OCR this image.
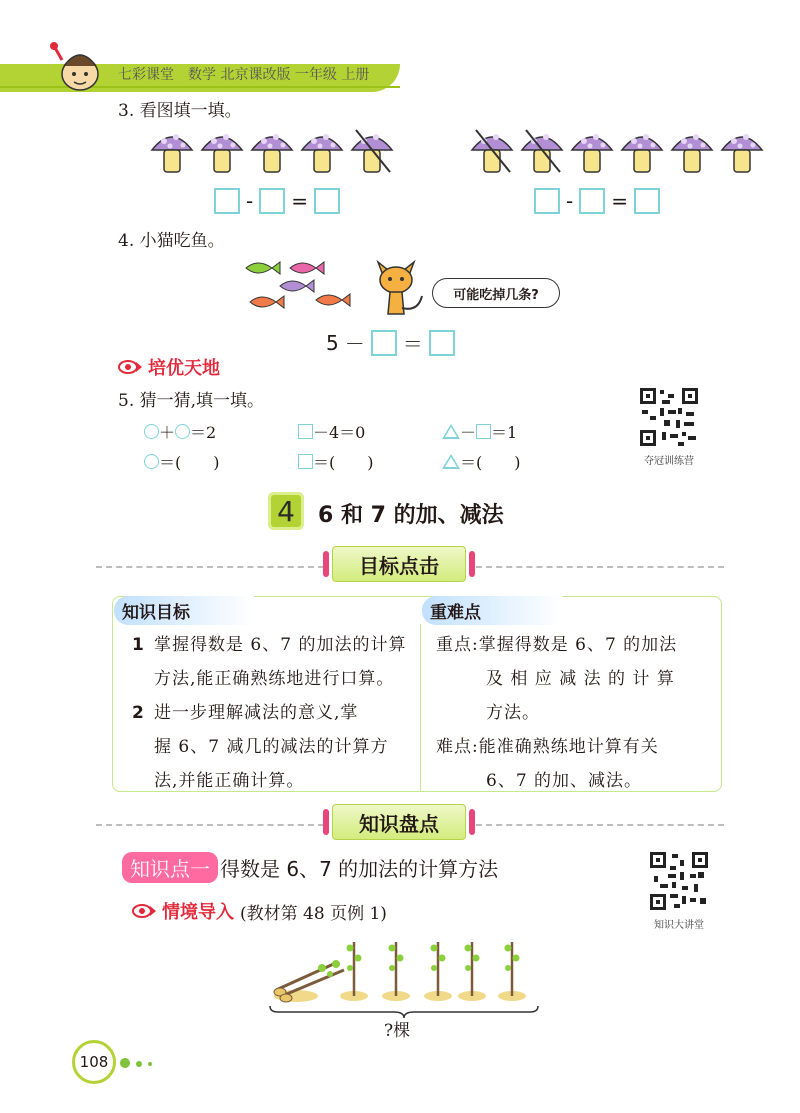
七彩课堂　数学 北京课改版 一年级 上册
3. 看图填一填。
- =	- =
4. 小猫吃鱼。
可能吃掉几条?
5 － ＝
培优天地
5. 猜一猜,填一填。
＋ ＝2	－4＝0	－ ＝1
＝(　　)	＝(　　)	＝(　　)	夺冠训练营
4	6 和 7 的加、减法
目标点击
知识目标	重难点
1 掌握得数是 6、7 的加法的计算
方法,能正确熟练地进行口算。
2 进一步理解减法的意义,掌
握 6、7 减几的减法的计算方
法,并能正确计算。
重点:掌握得数是 6、7 的加法
及 相 应 减 法 的 计 算
方法。
难点:能准确熟练地计算有关
6、7 的加、减法。
知识盘点
知识点一 得数是 6、7 的加法的计算方法
知识大讲堂
情境导入 (教材第 48 页例 1)
?棵
108
